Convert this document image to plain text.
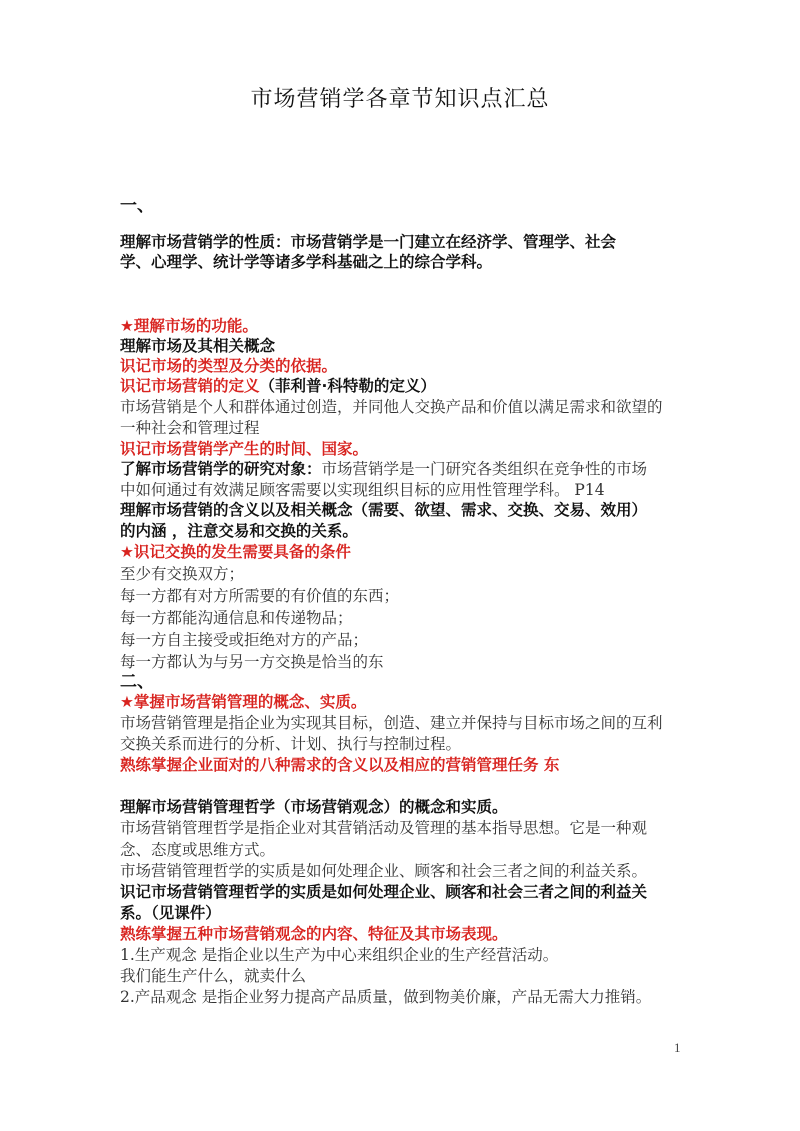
市场营销学各章节知识点汇总
一、
理解市场营销学的性质：市场营销学是一门建立在经济学、管理学、社会
学、心理学、统计学等诸多学科基础之上的综合学科。
★理解市场的功能。
理解市场及其相关概念
识记市场的类型及分类的依据。
识记市场营销的定义（菲利普·科特勒的定义）
市场营销是个人和群体通过创造，并同他人交换产品和价值以满足需求和欲望的
一种社会和管理过程
识记市场营销学产生的时间、国家。
了解市场营销学的研究对象：市场营销学是一门研究各类组织在竞争性的市场
中如何通过有效满足顾客需要以实现组织目标的应用性管理学科。 P14
理解市场营销的含义以及相关概念（需要、欲望、需求、交换、交易、效用）
的内涵 ，注意交易和交换的关系。
★识记交换的发生需要具备的条件
至少有交换双方；
每一方都有对方所需要的有价值的东西；
每一方都能沟通信息和传递物品；
每一方自主接受或拒绝对方的产品；
每一方都认为与另一方交换是恰当的东
二、
★掌握市场营销管理的概念、实质。
市场营销管理是指企业为实现其目标，创造、建立并保持与目标市场之间的互利
交换关系而进行的分析、计划、执行与控制过程。
熟练掌握企业面对的八种需求的含义以及相应的营销管理任务 东
理解市场营销管理哲学（市场营销观念）的概念和实质。
市场营销管理哲学是指企业对其营销活动及管理的基本指导思想。它是一种观
念、态度或思维方式。
市场营销管理哲学的实质是如何处理企业、顾客和社会三者之间的利益关系。
识记市场营销管理哲学的实质是如何处理企业、顾客和社会三者之间的利益关
系。（见课件）
熟练掌握五种市场营销观念的内容、特征及其市场表现。
1.生产观念 是指企业以生产为中心来组织企业的生产经营活动。
我们能生产什么，就卖什么
2.产品观念 是指企业努力提高产品质量，做到物美价廉，产品无需大力推销。
1
